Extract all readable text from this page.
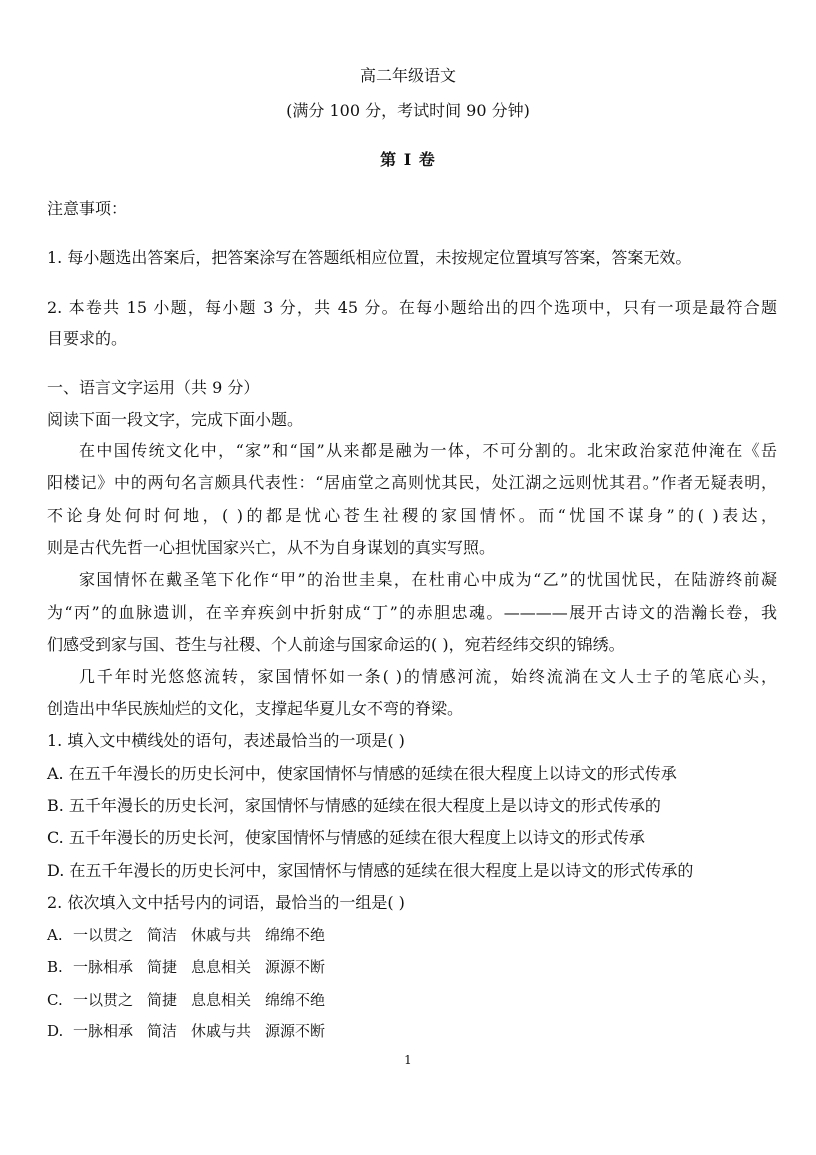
高二年级语文
(满分 100 分，考试时间 90 分钟)
第 I 卷
注意事项：
1. 每小题选出答案后，把答案涂写在答题纸相应位置，未按规定位置填写答案，答案无效。
2. 本卷共 15 小题，每小题 3 分，共 45 分。在每小题给出的四个选项中，只有一项是最符合题
目要求的。
一、语言文字运用（共 9 分）
阅读下面一段文字，完成下面小题。
在中国传统文化中，“家”和“国”从来都是融为一体，不可分割的。北宋政治家范仲淹在《岳
阳楼记》中的两句名言颇具代表性：“居庙堂之高则忧其民，处江湖之远则忧其君。”作者无疑表明，
不论身处何时何地，( )的都是忧心苍生社稷的家国情怀。而“忧国不谋身”的( )表达，
则是古代先哲一心担忧国家兴亡，从不为自身谋划的真实写照。
家国情怀在戴圣笔下化作“甲”的治世圭臬，在杜甫心中成为“乙”的忧国忧民，在陆游终前凝
为“丙”的血脉遗训，在辛弃疾剑中折射成“丁”的赤胆忠魂。————展开古诗文的浩瀚长卷，我
们感受到家与国、苍生与社稷、个人前途与国家命运的( )，宛若经纬交织的锦绣。
几千年时光悠悠流转，家国情怀如一条( )的情感河流，始终流淌在文人士子的笔底心头，
创造出中华民族灿烂的文化，支撑起华夏儿女不弯的脊梁。
1. 填入文中横线处的语句，表述最恰当的一项是( )
A. 在五千年漫长的历史长河中，使家国情怀与情感的延续在很大程度上以诗文的形式传承
B. 五千年漫长的历史长河，家国情怀与情感的延续在很大程度上是以诗文的形式传承的
C. 五千年漫长的历史长河，使家国情怀与情感的延续在很大程度上以诗文的形式传承
D. 在五千年漫长的历史长河中，家国情怀与情感的延续在很大程度上是以诗文的形式传承的
2. 依次填入文中括号内的词语，最恰当的一组是( )
A. 一以贯之 简洁 休戚与共 绵绵不绝
B. 一脉相承 简捷 息息相关 源源不断
C. 一以贯之 简捷 息息相关 绵绵不绝
D. 一脉相承 简洁 休戚与共 源源不断
1
